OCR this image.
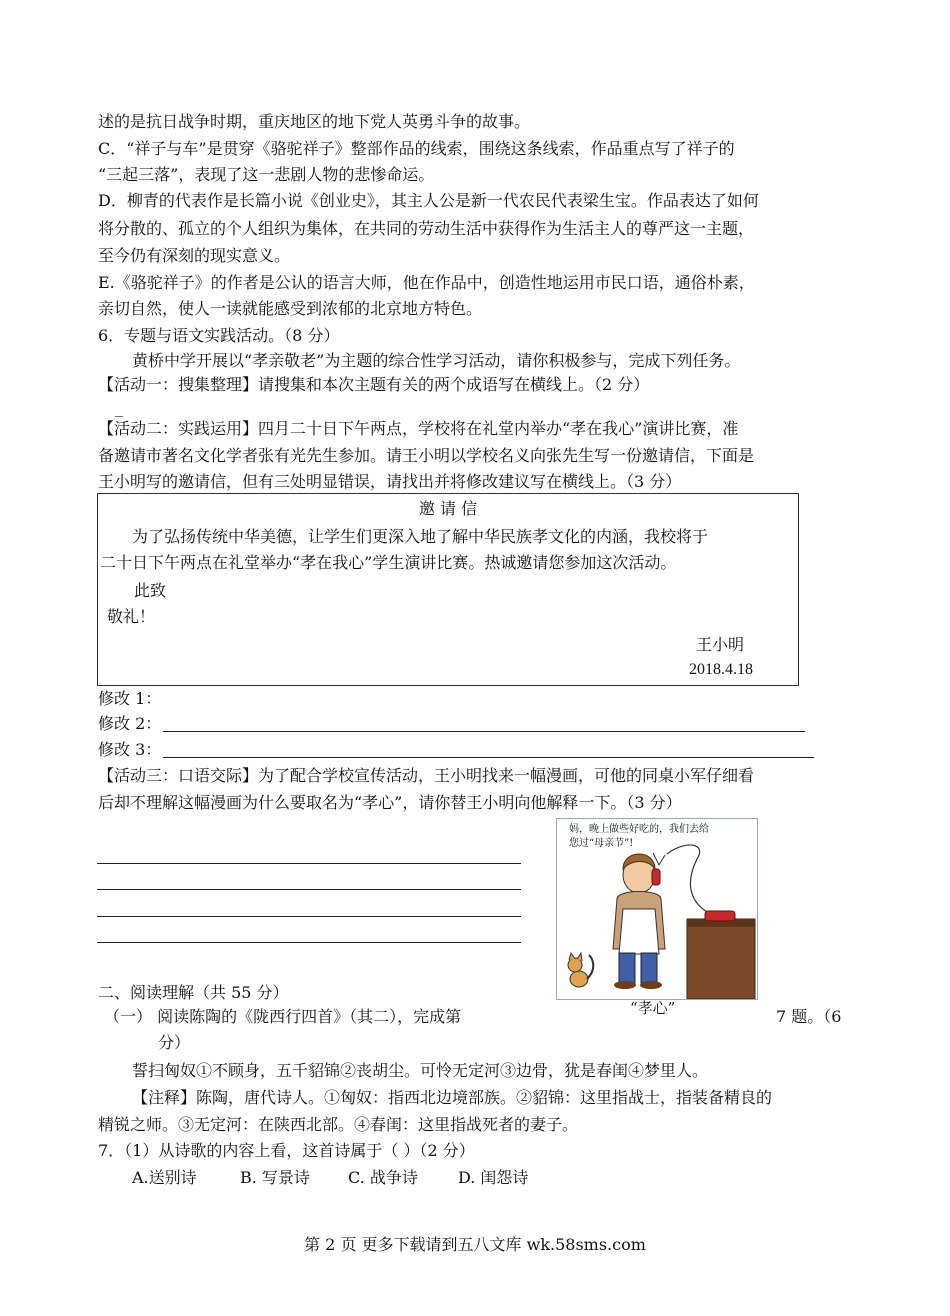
述的是抗日战争时期，重庆地区的地下党人英勇斗争的故事。
C．“祥子与车”是贯穿《骆驼祥子》整部作品的线索，围绕这条线索，作品重点写了祥子的
“三起三落”，表现了这一悲剧人物的悲惨命运。
D．柳青的代表作是长篇小说《创业史》，其主人公是新一代农民代表梁生宝。作品表达了如何
将分散的、孤立的个人组织为集体，在共同的劳动生活中获得作为生活主人的尊严这一主题，
至今仍有深刻的现实意义。
E.《骆驼祥子》的作者是公认的语言大师，他在作品中，创造性地运用市民口语，通俗朴素，
亲切自然，使人一读就能感受到浓郁的北京地方特色。
6．专题与语文实践活动。（8 分）
黄桥中学开展以“孝亲敬老”为主题的综合性学习活动，请你积极参与，完成下列任务。
【活动一：搜集整理】请搜集和本次主题有关的两个成语写在横线上。（2 分）
_
【活动二：实践运用】四月二十日下午两点，学校将在礼堂内举办“孝在我心”演讲比赛，准
备邀请市著名文化学者张有光先生参加。请王小明以学校名义向张先生写一份邀请信，下面是
王小明写的邀请信，但有三处明显错误，请找出并将修改建议写在横线上。（3 分）
邀 请 信
为了弘扬传统中华美德，让学生们更深入地了解中华民族孝文化的内涵，我校将于
二十日下午两点在礼堂举办“孝在我心”学生演讲比赛。热诚邀请您参加这次活动。
此致
敬礼！
王小明
2018.4.18
修改 1：
修改 2：
修改 3：
【活动三：口语交际】为了配合学校宣传活动，王小明找来一幅漫画，可他的同桌小军仔细看
后却不理解这幅漫画为什么要取名为“孝心”，请你替王小明向他解释一下。（3 分）
妈，晚上做些好吃的，我们去给
您过“母亲节”!
“孝心”
二、阅读理解（共 55 分）
（一） 阅读陈陶的《陇西行四首》（其二），完成第	7 题。（6
分）
誓扫匈奴①不顾身，五千貂锦②丧胡尘。可怜无定河③边骨，犹是春闺④梦里人。
【注释】陈陶，唐代诗人。①匈奴：指西北边境部族。②貂锦：这里指战士，指装备精良的
精锐之师。③无定河：在陕西北部。④春闺：这里指战死者的妻子。
7．（1）从诗歌的内容上看，这首诗属于（ ）（2 分）
A.送别诗	B. 写景诗 C. 战争诗	D. 闺怨诗
第 2 页 更多下载请到五八文库 wk.58sms.com
